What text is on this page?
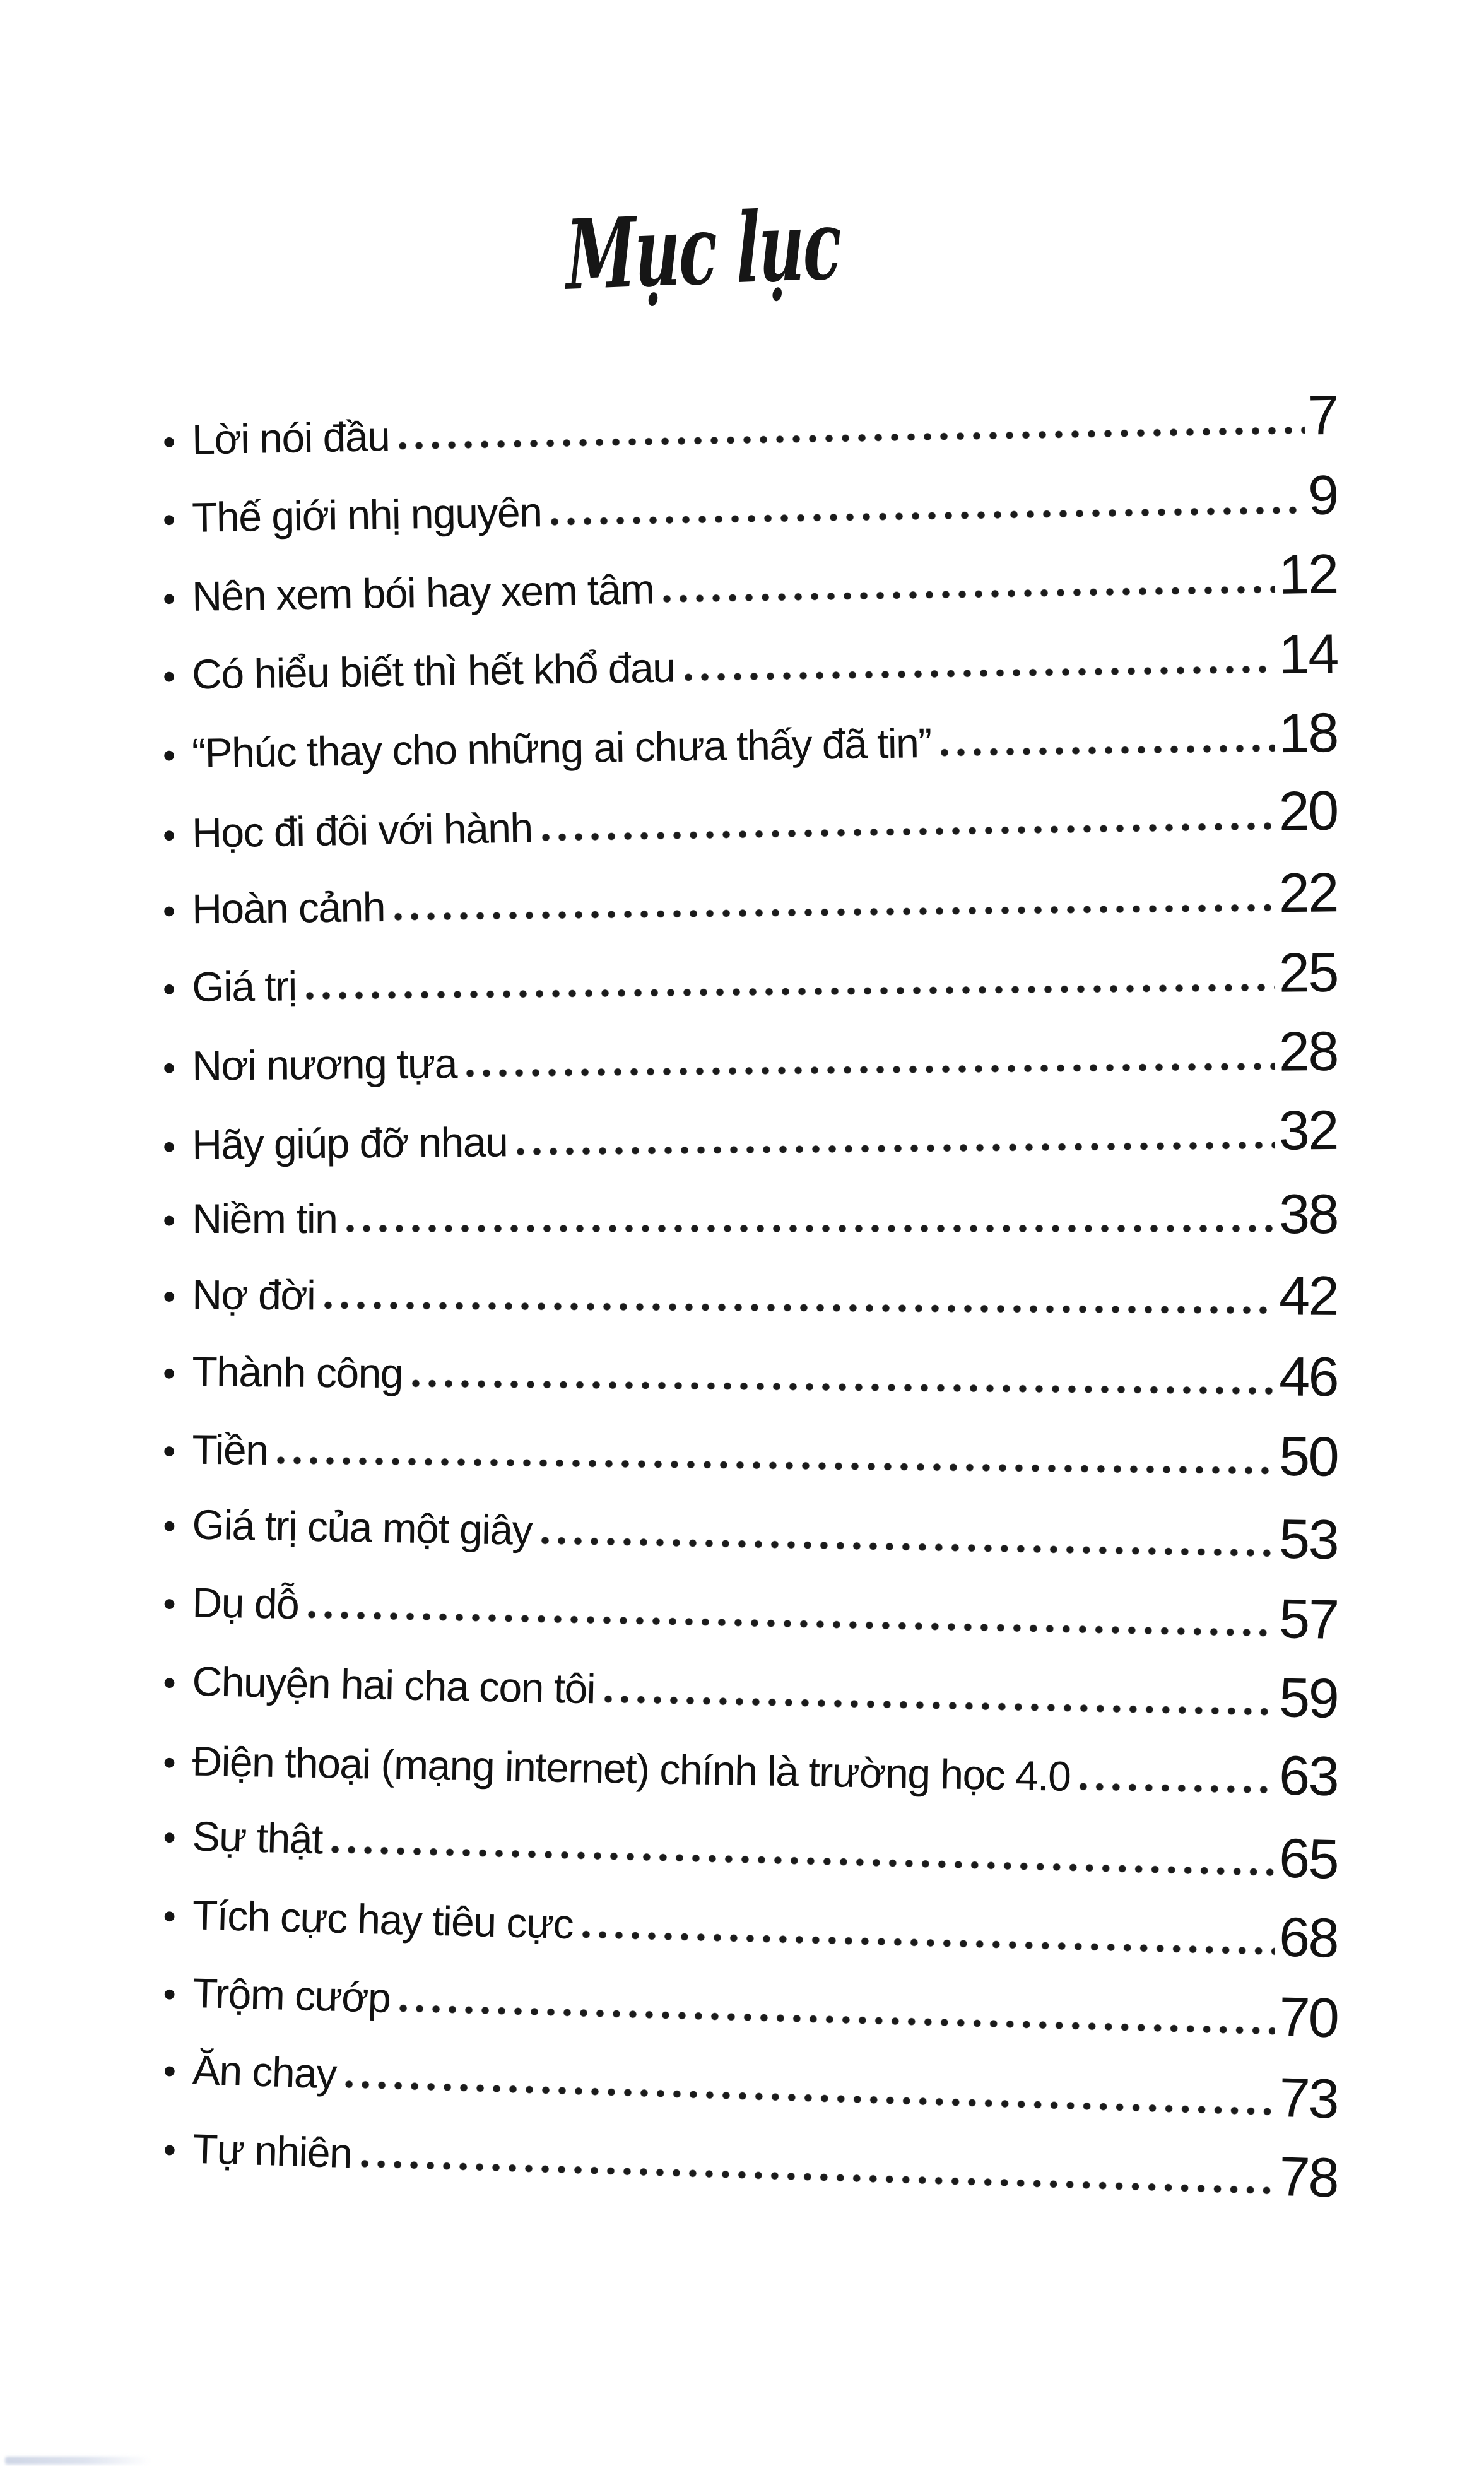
Mục lục
• Lời nói đầu	7
• Thế giới nhị nguyên	9
• Nên xem bói hay xem tâm	12
• Có hiểu biết thì hết khổ đau	14
• “Phúc thay cho những ai chưa thấy đã tin”	18
• Học đi đôi với hành	20
• Hoàn cảnh	22
• Giá trị	25
• Nơi nương tựa	28
• Hãy giúp đỡ nhau	32
• Niềm tin	38
• Nợ đời	42
• Thành công	46
• Tiền	50
• Giá trị của một giây	53
• Dụ dỗ	57
• Chuyện hai cha con tôi	59
• Điện thoại (mạng internet) chính là trường học 4.0	63
• Sự thật	65
• Tích cực hay tiêu cực	68
• Trộm cướp	70
• Ăn chay	73
• Tự nhiên	78
